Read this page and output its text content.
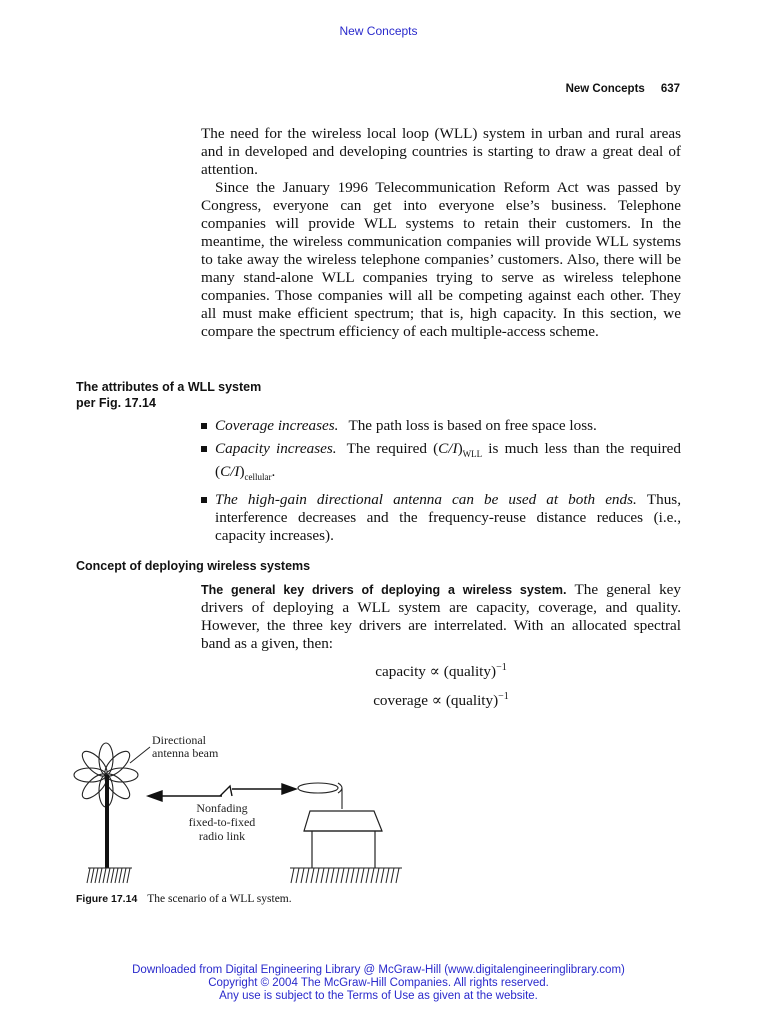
New Concepts
New Concepts 637

The need for the wireless local loop (WLL) system in urban and rural areas and in developed and developing countries is starting to draw a great deal of attention.

Since the January 1996 Telecommunication Reform Act was passed by Congress, everyone can get into everyone else’s business. Telephone companies will provide WLL systems to retain their customers. In the meantime, the wireless communication companies will provide WLL systems to take away the wireless telephone companies’ customers. Also, there will be many stand-alone WLL companies trying to serve as wireless telephone companies. Those companies will all be competing against each other. They all must make efficient spectrum; that is, high capacity. In this section, we compare the spectrum efficiency of each multiple-access scheme.

The attributes of a WLL system
per Fig. 17.14
Coverage increases. The path loss is based on free space loss.
Capacity increases. The required $(C/I)_{WLL}$ is much less than the required $(C/I)_{cellular}$.
The high-gain directional antenna can be used at both ends. Thus, interference decreases and the frequency-reuse distance reduces (i.e., capacity increases).
Concept of deploying wireless systems

The general key drivers of deploying a wireless system. The general key drivers of deploying a WLL system are capacity, coverage, and quality. However, the three key drivers are interrelated. With an allocated spectral band as a given, then:

capacity ∝ (quality)$^{-1}$
coverage ∝ (quality)$^{-1}$
Directional
antenna beam
Nonfading
fixed-to-fixed
radio link
Figure 17.14 The scenario of a WLL system.
Downloaded from Digital Engineering Library @ McGraw-Hill (www.digitalengineeringlibrary.com)
Copyright © 2004 The McGraw-Hill Companies. All rights reserved.
Any use is subject to the Terms of Use as given at the website.
